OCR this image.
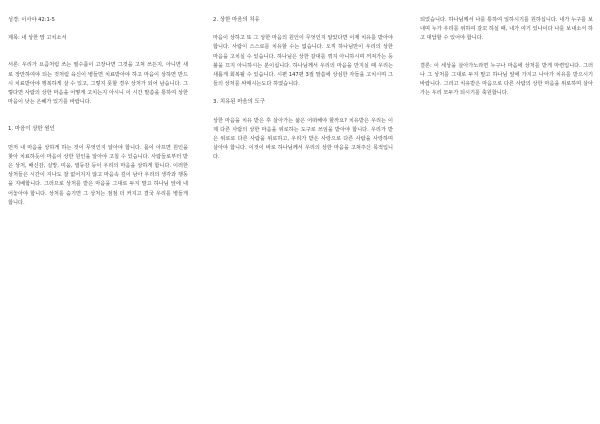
성경: 이사야 42:1-5

제목: 내 상한 맘 고치소서

서론: 우리가 요즘처럼 쓰는 필수품이 고장나면 그것을 고쳐 쓰든지, 아니면 새로 장만하여야 되는 것처럼 육신이 병들면 치료받아야 하고 마음이 상하면 반드시 치료받아야 행복하게 살 수 있고, 그렇지 못할 경우 상처가 되어 남습니다. 그렇다면 사람의 상한 마음을 어떻게 고치는지 아시니 이 시간 말씀을 통하여 상한 마음이 낫는 은혜가 있기를 바랍니다.

1. 마음이 상한 원인

먼저 내 마음을 상하게 하는 것이 무엇인지 알아야 합니다. 몸이 아프면 원인을 찾아 치료하듯이 마음이 상한 원인을 알아야 고칠 수 있습니다. 사람들로부터 받은 상처, 배신감, 실망, 미움, 열등감 등이 우리의 마음을 상하게 합니다. 이러한 상처들은 시간이 지나도 잘 없어지지 않고 마음속 깊이 남아 우리의 생각과 행동을 지배합니다. 그러므로 상처를 받은 마음을 그대로 두지 말고 하나님 앞에 내어놓아야 합니다. 상처를 숨기면 그 상처는 점점 더 커지고 결국 우리를 병들게 합니다.

2. 상한 마음의 치유

마음이 상하고 또 그 상한 마음의 원인이 무엇인지 알았다면 이제 치유를 받아야 합니다. 사람이 스스로를 치유할 수는 없습니다. 오직 하나님만이 우리의 상한 마음을 고치실 수 있습니다. 하나님은 상한 갈대를 꺾지 아니하시며 꺼져가는 등불을 끄지 아니하시는 분이십니다. 하나님께서 우리의 마음을 만지실 때 우리는 새롭게 회복될 수 있습니다. 시편 147편 3절 말씀에 상심한 자들을 고치시며 그들의 상처를 싸매시는도다 하였습니다.

3. 치유된 마음의 도구

상한 마음을 치유 받은 후 살아가는 삶은 어떠해야 할까요? 치유받은 우리는 이제 다른 사람의 상한 마음을 위로하는 도구로 쓰임을 받아야 합니다. 우리가 받은 위로로 다른 사람을 위로하고, 우리가 받은 사랑으로 다른 사람을 사랑하며 살아야 합니다. 이것이 바로 하나님께서 우리의 상한 마음을 고쳐주신 목적입니다.

되었습니다. 하나님께서 나를 통하여 일하시기를 원하십니다. 내가 누구를 보내며 누가 우리를 위하여 갈꼬 하실 때, 내가 여기 있나이다 나를 보내소서 하고 대답할 수 있어야 합니다.

결론: 이 세상을 살아가노라면 누구나 마음에 상처를 받게 마련입니다. 그러나 그 상처를 그대로 두지 말고 하나님 앞에 가지고 나아가 치유를 받으시기 바랍니다. 그리고 치유받은 마음으로 다른 사람의 상한 마음을 위로하며 살아가는 우리 모두가 되시기를 축원합니다.
